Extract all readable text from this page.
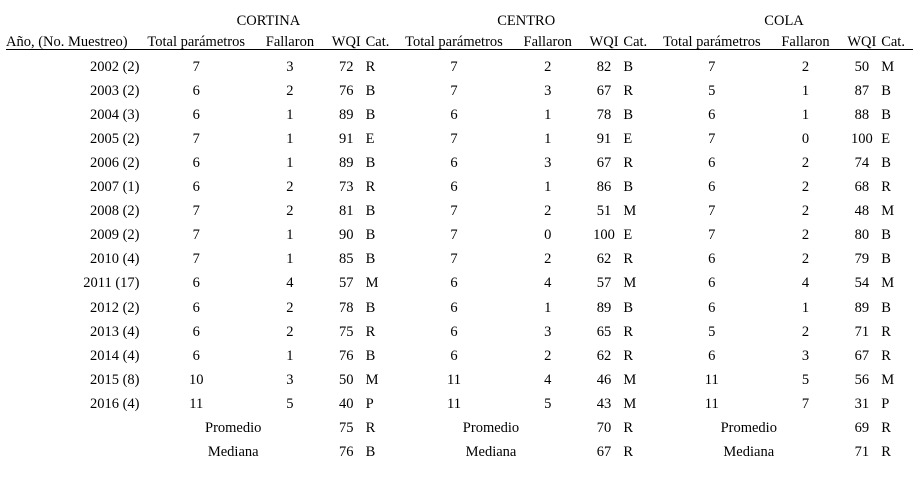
	CORTINA				CENTRO				COLA			
Año, (No. Muestreo)	Total parámetros	Fallaron	WQI	Cat.	Total parámetros	Fallaron	WQI	Cat.	Total parámetros	Fallaron	WQI	Cat.

2002 (2)	7	3	72	R	7	2	82	B	7	2	50	M
2003 (2)	6	2	76	B	7	3	67	R	5	1	87	B
2004 (3)	6	1	89	B	6	1	78	B	6	1	88	B
2005 (2)	7	1	91	E	7	1	91	E	7	0	100	E
2006 (2)	6	1	89	B	6	3	67	R	6	2	74	B
2007 (1)	6	2	73	R	6	1	86	B	6	2	68	R
2008 (2)	7	2	81	B	7	2	51	M	7	2	48	M
2009 (2)	7	1	90	B	7	0	100	E	7	2	80	B
2010 (4)	7	1	85	B	7	2	62	R	6	2	79	B
2011 (17)	6	4	57	M	6	4	57	M	6	4	54	M
2012 (2)	6	2	78	B	6	1	89	B	6	1	89	B
2013 (4)	6	2	75	R	6	3	65	R	5	2	71	R
2014 (4)	6	1	76	B	6	2	62	R	6	3	67	R
2015 (8)	10	3	50	M	11	4	46	M	11	5	56	M
2016 (4)	11	5	40	P	11	5	43	M	11	7	31	P
	Promedio		75	R	Promedio		70	R	Promedio		69	R
	Mediana		76	B	Mediana		67	R	Mediana		71	R
